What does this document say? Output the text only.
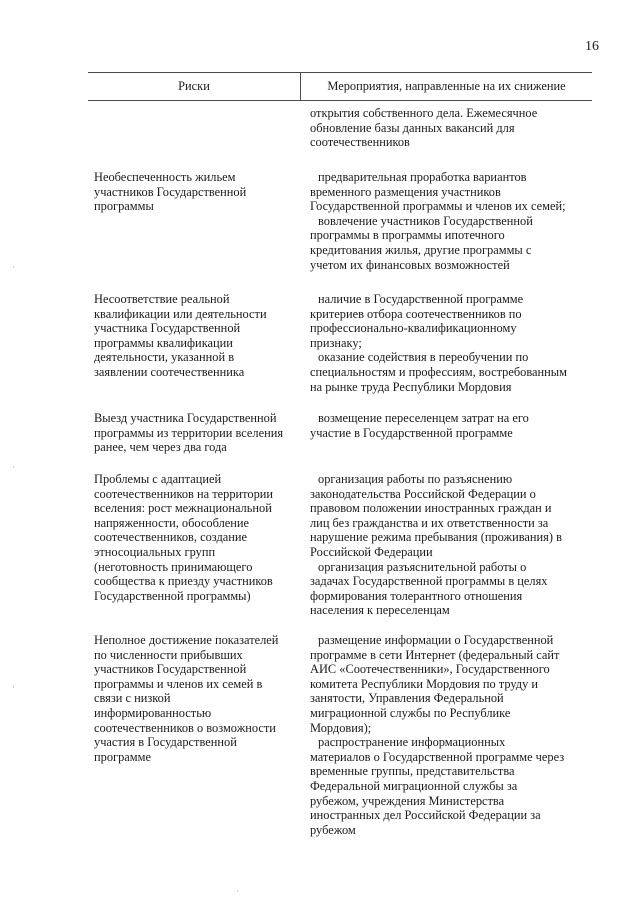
16
Риски	Мероприятия, направленные на их снижение
открытия собственного дела. Ежемесячное
обновление базы данных вакансий для
соотечественников
Необеспеченность жильем
участников Государственной
программы
предварительная проработка вариантов
временного размещения участников
Государственной программы и членов их семей;
вовлечение участников Государственной
программы в программы ипотечного
кредитования жилья, другие программы с
учетом их финансовых возможностей
Несоответствие реальной
квалификации или деятельности
участника Государственной
программы квалификации
деятельности, указанной в
заявлении соотечественника
наличие в Государственной программе
критериев отбора соотечественников по
профессионально-квалификационному
признаку;
оказание содействия в переобучении по
специальностям и профессиям, востребованным
на рынке труда Республики Мордовия
Выезд участника Государственной
программы из территории вселения
ранее, чем через два года
возмещение переселенцем затрат на его
участие в Государственной программе
Проблемы с адаптацией
соотечественников на территории
вселения: рост межнациональной
напряженности, обособление
соотечественников, создание
этносоциальных групп
(неготовность принимающего
сообщества к приезду участников
Государственной программы)
организация работы по разъяснению
законодательства Российской Федерации о
правовом положении иностранных граждан и
лиц без гражданства и их ответственности за
нарушение режима пребывания (проживания) в
Российской Федерации
организация разъяснительной работы о
задачах Государственной программы в целях
формирования толерантного отношения
населения к переселенцам
Неполное достижение показателей
по численности прибывших
участников Государственной
программы и членов их семей в
связи с низкой
информированностью
соотечественников о возможности
участия в Государственной
программе
размещение информации о Государственной
программе в сети Интернет (федеральный сайт
АИС «Соотечественники», Государственного
комитета Республики Мордовия по труду и
занятости, Управления Федеральной
миграционной службы по Республике
Мордовия);
распространение информационных
материалов о Государственной программе через
временные группы, представительства
Федеральной миграционной службы за
рубежом, учреждения Министерства
иностранных дел Российской Федерации за
рубежом
·
·
·
·
